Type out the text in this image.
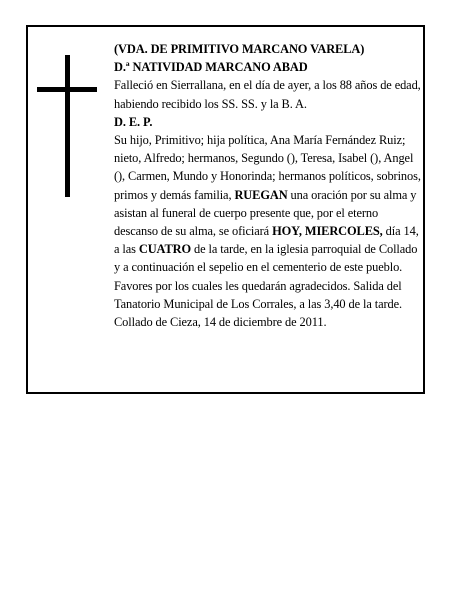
(VDA. DE PRIMITIVO MARCANO VARELA)

D.ª NATIVIDAD MARCANO ABAD

Falleció en Sierrallana, en el día de ayer, a los 88 años de edad, habiendo recibido los SS. SS. y la B. A.

D. E. P.

Su hijo, Primitivo; hija política, Ana María Fernández Ruiz; nieto, Alfredo; hermanos, Segundo (), Teresa, Isabel (), Angel (), Carmen, Mundo y Honorinda; hermanos políticos, sobrinos, primos y demás familia, RUEGAN una oración por su alma y asistan al funeral de cuerpo presente que, por el eterno descanso de su alma, se oficiará HOY, MIERCOLES, día 14, a las CUATRO de la tarde, en la iglesia parroquial de Collado y a continuación el sepelio en el cementerio de este pueblo. Favores por los cuales les quedarán agradecidos. Salida del Tanatorio Municipal de Los Corrales, a las 3,40 de la tarde.

Collado de Cieza, 14 de diciembre de 2011.
